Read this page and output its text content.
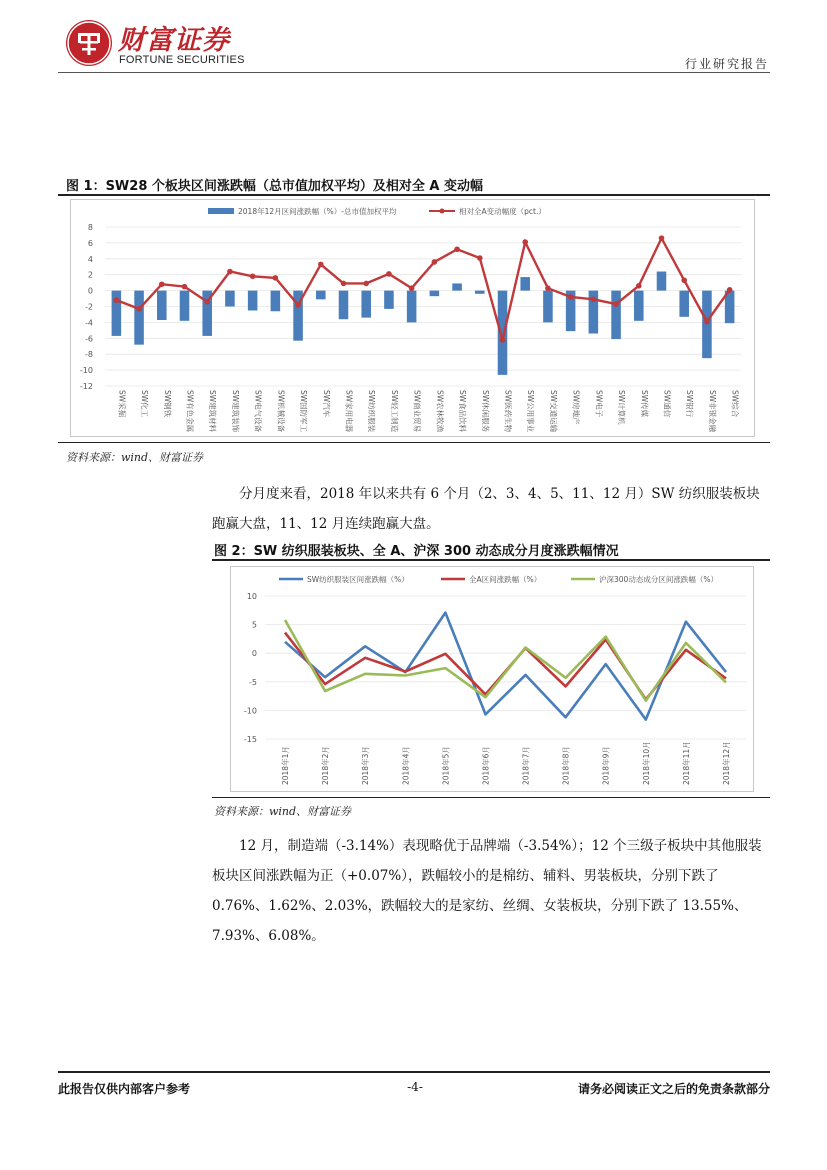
财富证券
FORTUNE SECURITIES	行业研究报告
图 1：SW28 个板块区间涨跌幅（总市值加权平均）及相对全 A 变动幅
2018年12月区间涨跌幅（%）-总市值加权平均	相对全A变动幅度（pct.）
8
6
4
2
0
-2
-4
-6
-8
-10
-12
SW采掘 SW化工 SW钢铁 SW有色金属 SW建筑材料 SW建筑装饰 SW电气设备 SW机械设备 SW国防军工 SW汽车 SW家用电器 SW纺织服装 SW轻工制造 SW商业贸易 SW农林牧渔 SW食品饮料 SW休闲服务 SW医药生物 SW公用事业 SW交通运输 SW房地产 SW电子 SW计算机 SW传媒 SW通信 SW银行 SW非银金融 SW综合
资料来源：wind、财富证券
分月度来看，2018 年以来共有 6 个月（2、3、4、5、11、12 月）SW 纺织服装板块跑赢大盘，11、12 月连续跑赢大盘。
图 2：SW 纺织服装板块、全 A、沪深 300 动态成分月度涨跌幅情况
SW纺织服装区间涨跌幅（%）	全A区间涨跌幅（%）	沪深300动态成分区间涨跌幅（%）
10
5
0
-5
-10
-15
2018年1月	2018年2月	2018年3月	2018年4月	2018年5月	2018年6月	2018年7月	2018年8月	2018年9月	2018年10月	2018年11月	2018年12月
资料来源：wind、财富证券
12 月，制造端（-3.14%）表现略优于品牌端（-3.54%）；12 个三级子板块中其他服装板块区间涨跌幅为正（+0.07%），跌幅较小的是棉纺、辅料、男装板块，分别下跌了 0.76%、1.62%、2.03%，跌幅较大的是家纺、丝绸、女装板块，分别下跌了 13.55%、7.93%、6.08%。
此报告仅供内部客户参考	-4-	请务必阅读正文之后的免责条款部分
